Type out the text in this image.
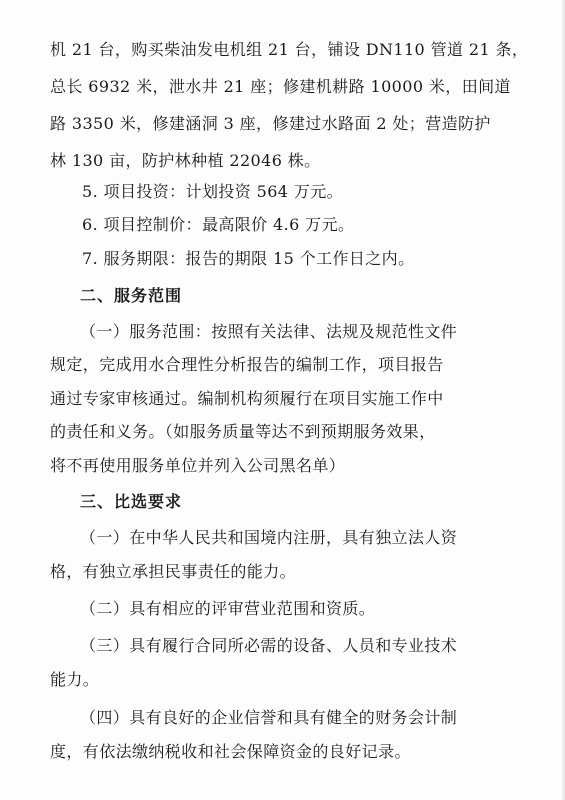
机 21 台，购买柴油发电机组 21 台，铺设 DN110 管道 21 条，
总长 6932 米，泄水井 21 座；修建机耕路 10000 米，田间道
路 3350 米，修建涵洞 3 座，修建过水路面 2 处；营造防护
林 130 亩，防护林种植 22046 株。
5. 项目投资：计划投资 564 万元。
6. 项目控制价：最高限价 4.6 万元。
7. 服务期限：报告的期限 15 个工作日之内。
二、服务范围
（一）服务范围：按照有关法律、法规及规范性文件
规定，完成用水合理性分析报告的编制工作，项目报告
通过专家审核通过。编制机构须履行在项目实施工作中
的责任和义务。（如服务质量等达不到预期服务效果，
将不再使用服务单位并列入公司黑名单）
三、比选要求
（一）在中华人民共和国境内注册，具有独立法人资
格，有独立承担民事责任的能力。
（二）具有相应的评审营业范围和资质。
（三）具有履行合同所必需的设备、人员和专业技术
能力。
（四）具有良好的企业信誉和具有健全的财务会计制
度，有依法缴纳税收和社会保障资金的良好记录。
